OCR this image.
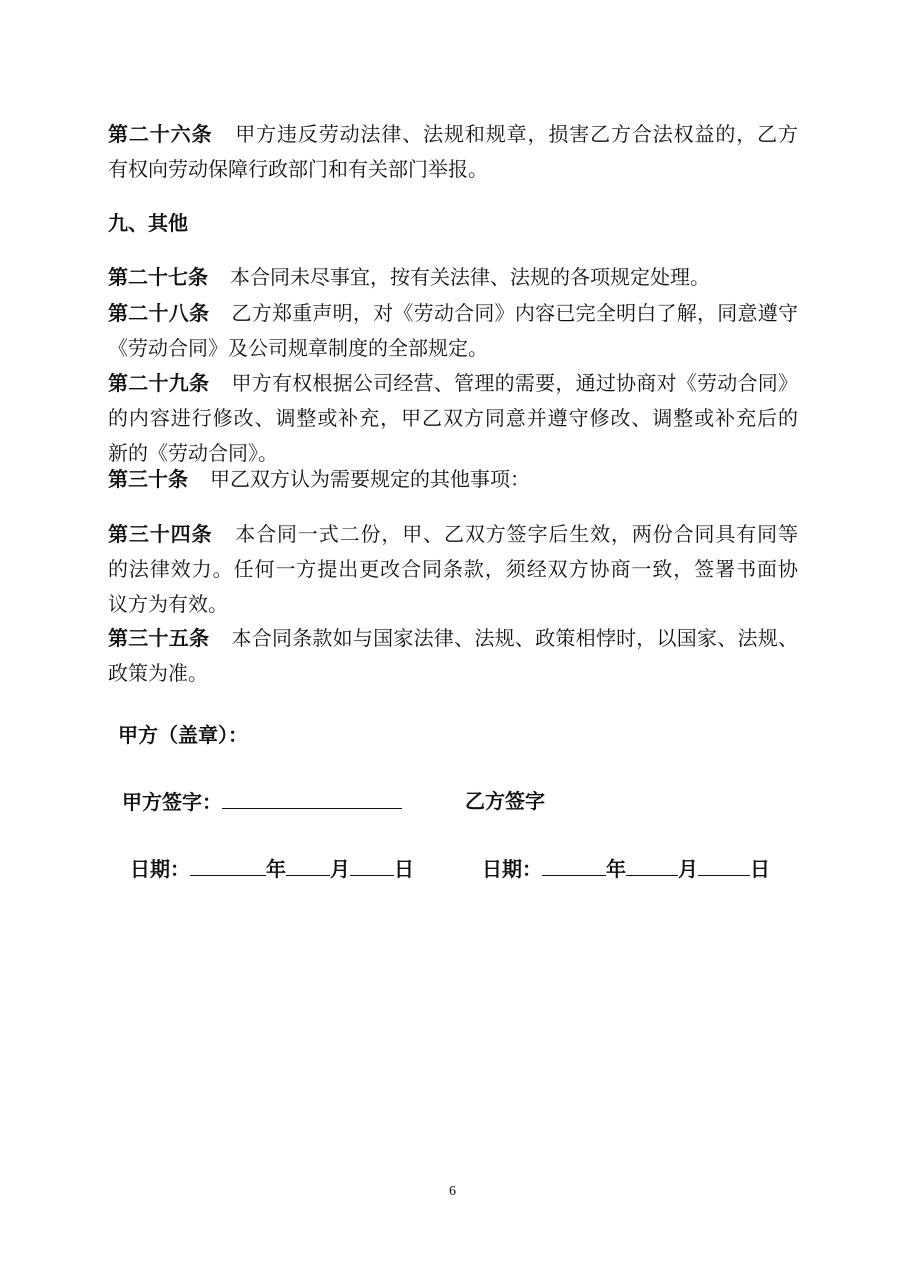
第二十六条 甲方违反劳动法律、法规和规章，损害乙方合法权益的，乙方
有权向劳动保障行政部门和有关部门举报。
九、其他
第二十七条 本合同未尽事宜，按有关法律、法规的各项规定处理。
第二十八条 乙方郑重声明，对《劳动合同》内容已完全明白了解，同意遵守
《劳动合同》及公司规章制度的全部规定。
第二十九条 甲方有权根据公司经营、管理的需要，通过协商对《劳动合同》
的内容进行修改、调整或补充，甲乙双方同意并遵守修改、调整或补充后的
新的《劳动合同》。
第三十条 甲乙双方认为需要规定的其他事项：
第三十四条 本合同一式二份，甲、乙双方签字后生效，两份合同具有同等
的法律效力。任何一方提出更改合同条款，须经双方协商一致，签署书面协
议方为有效。
第三十五条 本合同条款如与国家法律、法规、政策相悖时，以国家、法规、
政策为准。
甲方（盖章）：
甲方签字：	乙方签字
日期：	年 月 日	日期：	年	月	日
6
